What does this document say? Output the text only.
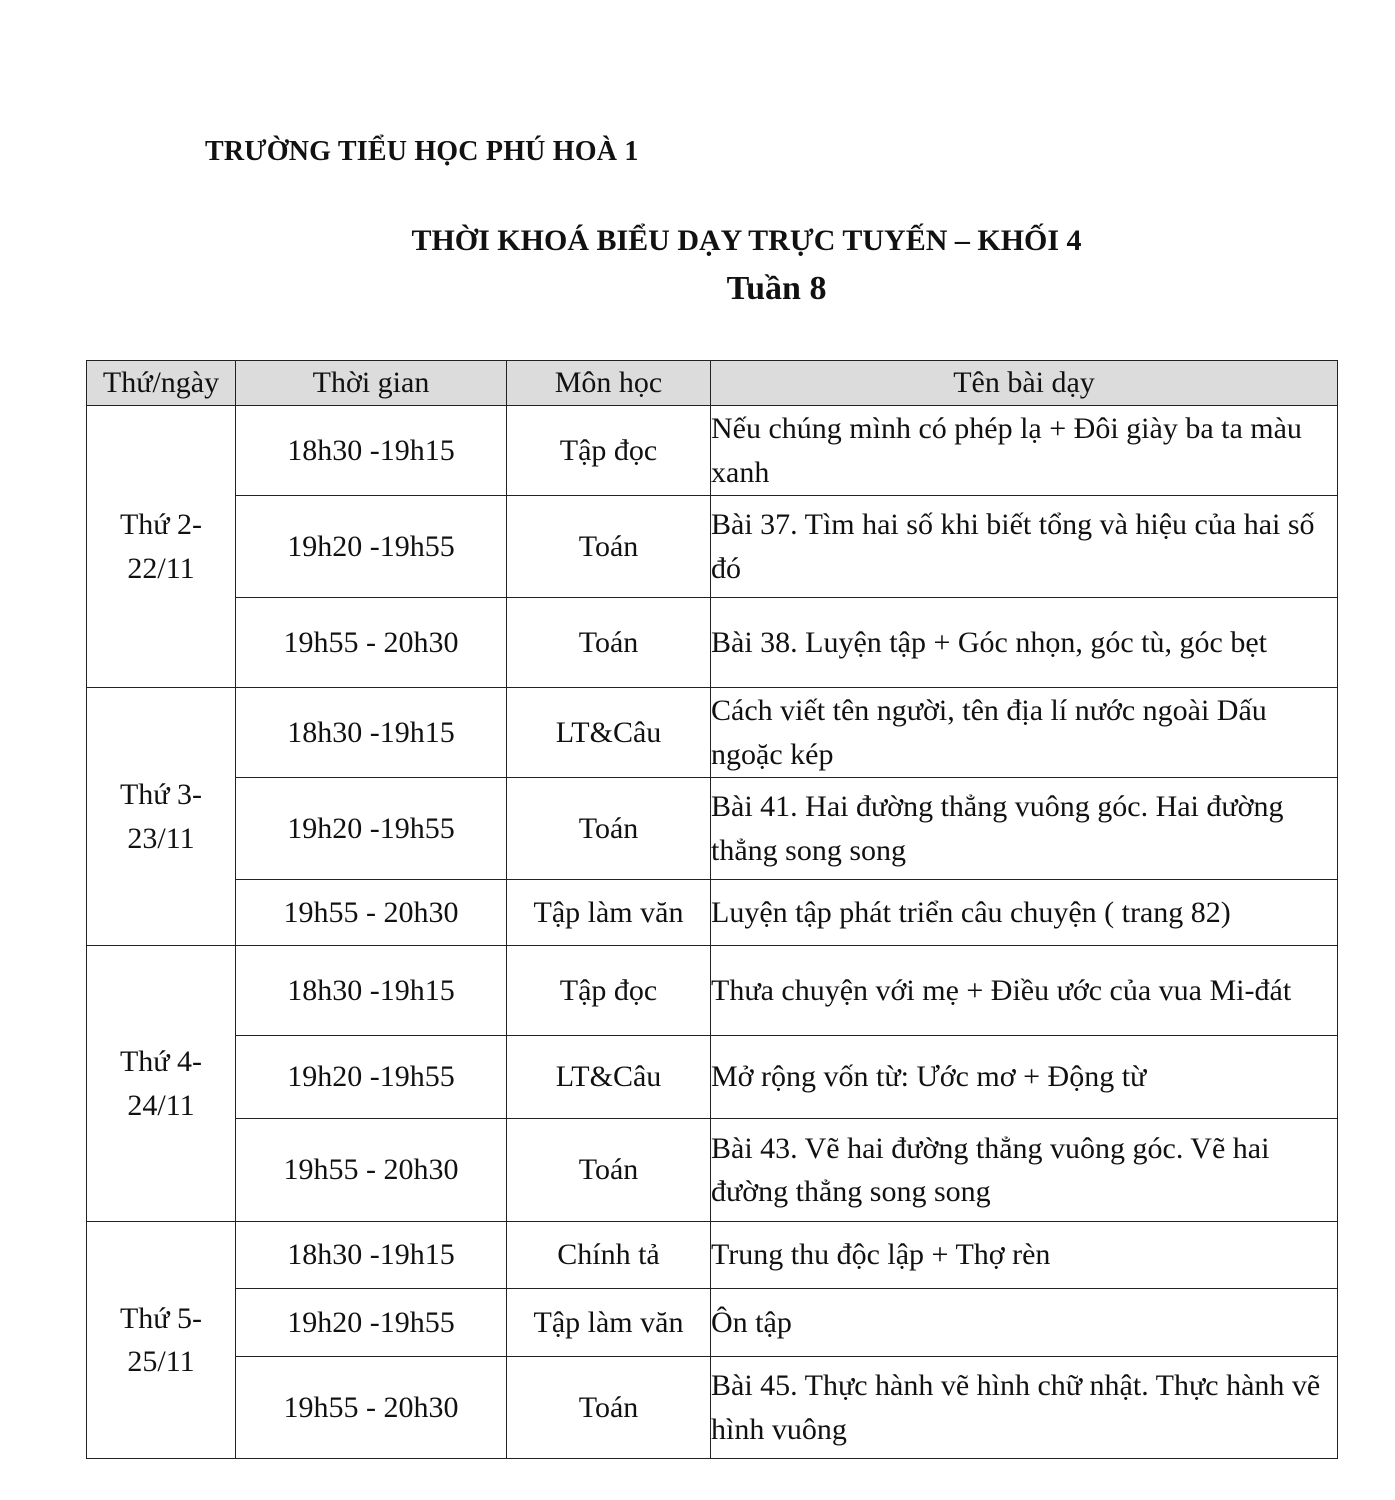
TRƯỜNG TIỂU HỌC PHÚ HOÀ 1
THỜI KHOÁ BIỂU DẠY TRỰC TUYẾN – KHỐI 4
Tuần 8
Thứ/ngày	Thời gian	Môn học	Tên bài dạy
Thứ 2-
22/11	18h30 -19h15	Tập đọc	Nếu chúng mình có phép lạ + Đôi giày ba ta màu xanh
	19h20 -19h55	Toán	Bài 37. Tìm hai số khi biết tổng và hiệu của hai số đó
	19h55 - 20h30	Toán	Bài 38. Luyện tập + Góc nhọn, góc tù, góc bẹt
Thứ 3-
23/11	18h30 -19h15	LT&Câu	Cách viết tên người, tên địa lí nước ngoài Dấu ngoặc kép
	19h20 -19h55	Toán	Bài 41. Hai đường thẳng vuông góc. Hai đường thẳng song song
	19h55 - 20h30	Tập làm văn	Luyện tập phát triển câu chuyện ( trang 82)
Thứ 4-
24/11	18h30 -19h15	Tập đọc	Thưa chuyện với mẹ + Điều ước của vua Mi-đát
	19h20 -19h55	LT&Câu	Mở rộng vốn từ: Ước mơ + Động từ
	19h55 - 20h30	Toán	Bài 43. Vẽ hai đường thẳng vuông góc. Vẽ hai đường thẳng song song
Thứ 5-
25/11	18h30 -19h15	Chính tả	Trung thu độc lập + Thợ rèn
	19h20 -19h55	Tập làm văn	Ôn tập
	19h55 - 20h30	Toán	Bài 45. Thực hành vẽ hình chữ nhật. Thực hành vẽ hình vuông
